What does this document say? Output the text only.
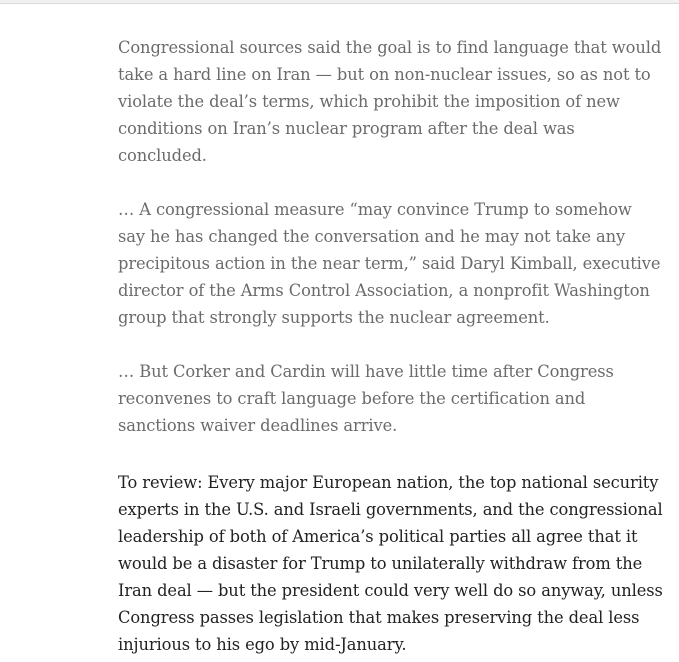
Congressional sources said the goal is to find language that would take a hard line on Iran — but on non-nuclear issues, so as not to violate the deal’s terms, which prohibit the imposition of new conditions on Iran’s nuclear program after the deal was concluded.

… A congressional measure “may convince Trump to somehow say he has changed the conversation and he may not take any precipitous action in the near term,” said Daryl Kimball, executive director of the Arms Control Association, a nonprofit Washington group that strongly supports the nuclear agreement.

… But Corker and Cardin will have little time after Congress reconvenes to craft language before the certification and sanctions waiver deadlines arrive.

To review: Every major European nation, the top national security experts in the U.S. and Israeli governments, and the congressional leadership of both of America’s political parties all agree that it would be a disaster for Trump to unilaterally withdraw from the Iran deal — but the president could very well do so anyway, unless Congress passes legislation that makes preserving the deal less injurious to his ego by mid-January.
